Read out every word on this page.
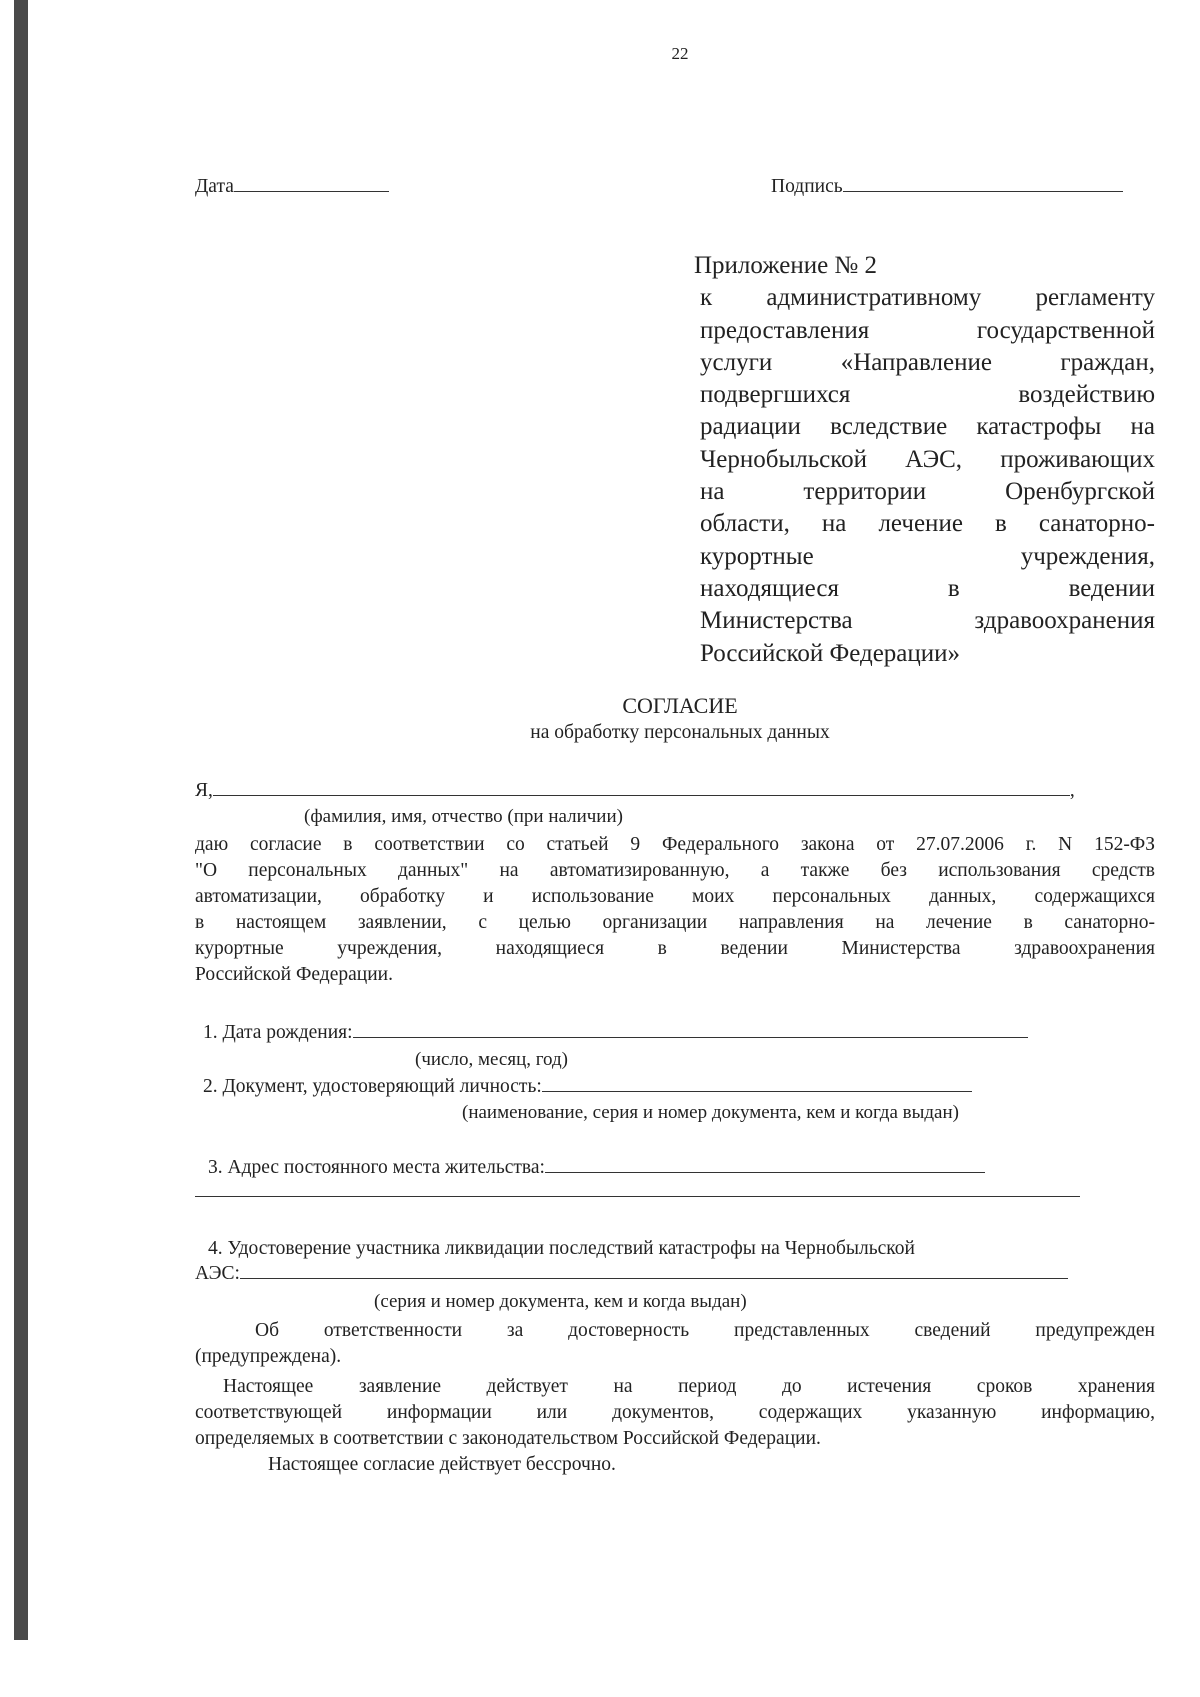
22
Дата	Подпись
Приложение № 2
к административному регламенту
предоставления государственной
услуги «Направление граждан,
подвергшихся воздействию
радиации вследствие катастрофы на
Чернобыльской АЭС, проживающих
на территории Оренбургской
области, на лечение в санаторно-
курортные учреждения,
находящиеся в ведении
Министерства здравоохранения
Российской Федерации»
СОГЛАСИЕ
на обработку персональных данных
Я,	,
(фамилия, имя, отчество (при наличии)
даю согласие в соответствии со статьей 9 Федерального закона от 27.07.2006 г. N 152-ФЗ
"О персональных данных" на автоматизированную, а также без использования средств
автоматизации, обработку и использование моих персональных данных, содержащихся
в настоящем заявлении, с целью организации направления на лечение в санаторно-
курортные учреждения, находящиеся в ведении Министерства здравоохранения
Российской Федерации.
1. Дата рождения:
(число, месяц, год)
2. Документ, удостоверяющий личность:
(наименование, серия и номер документа, кем и когда выдан)
3. Адрес постоянного места жительства:
4. Удостоверение участника ликвидации последствий катастрофы на Чернобыльской
АЭС:
(серия и номер документа, кем и когда выдан)
Об ответственности за достоверность представленных сведений предупрежден
(предупреждена).
Настоящее заявление действует на период до истечения сроков хранения
соответствующей информации или документов, содержащих указанную информацию,
определяемых в соответствии с законодательством Российской Федерации.
Настоящее согласие действует бессрочно.
